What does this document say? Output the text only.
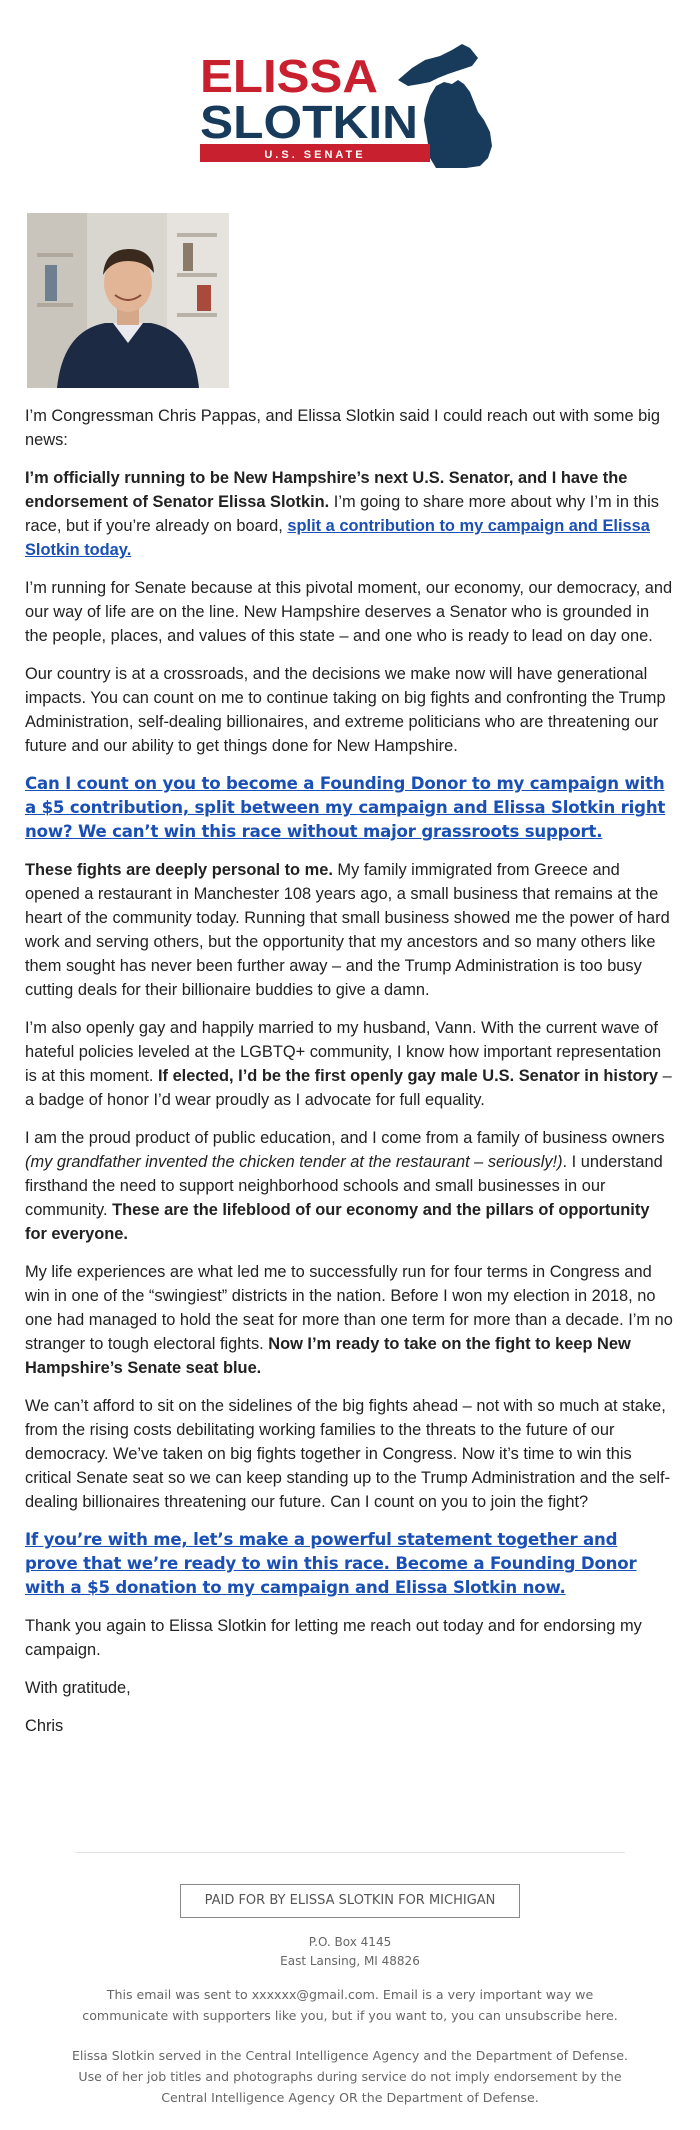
ELISSA
SLOTKIN
U.S. SENATE

I’m Congressman Chris Pappas, and Elissa Slotkin said I could reach out with some big news:

I’m officially running to be New Hampshire’s next U.S. Senator, and I have the endorsement of Senator Elissa Slotkin. I’m going to share more about why I’m in this race, but if you’re already on board, split a contribution to my campaign and Elissa Slotkin today.

I’m running for Senate because at this pivotal moment, our economy, our democracy, and our way of life are on the line. New Hampshire deserves a Senator who is grounded in the people, places, and values of this state – and one who is ready to lead on day one.

Our country is at a crossroads, and the decisions we make now will have generational impacts. You can count on me to continue taking on big fights and confronting the Trump Administration, self-dealing billionaires, and extreme politicians who are threatening our future and our ability to get things done for New Hampshire.

Can I count on you to become a Founding Donor to my campaign with a $5 contribution, split between my campaign and Elissa Slotkin right now? We can’t win this race without major grassroots support.

These fights are deeply personal to me. My family immigrated from Greece and opened a restaurant in Manchester 108 years ago, a small business that remains at the heart of the community today. Running that small business showed me the power of hard work and serving others, but the opportunity that my ancestors and so many others like them sought has never been further away – and the Trump Administration is too busy cutting deals for their billionaire buddies to give a damn.

I’m also openly gay and happily married to my husband, Vann. With the current wave of hateful policies leveled at the LGBTQ+ community, I know how important representation is at this moment. If elected, I’d be the first openly gay male U.S. Senator in history – a badge of honor I’d wear proudly as I advocate for full equality.

I am the proud product of public education, and I come from a family of business owners (my grandfather invented the chicken tender at the restaurant – seriously!). I understand firsthand the need to support neighborhood schools and small businesses in our community. These are the lifeblood of our economy and the pillars of opportunity for everyone.

My life experiences are what led me to successfully run for four terms in Congress and win in one of the “swingiest” districts in the nation. Before I won my election in 2018, no one had managed to hold the seat for more than one term for more than a decade. I’m no stranger to tough electoral fights. Now I’m ready to take on the fight to keep New Hampshire’s Senate seat blue.

We can’t afford to sit on the sidelines of the big fights ahead – not with so much at stake, from the rising costs debilitating working families to the threats to the future of our democracy. We’ve taken on big fights together in Congress. Now it’s time to win this critical Senate seat so we can keep standing up to the Trump Administration and the self-dealing billionaires threatening our future. Can I count on you to join the fight?

If you’re with me, let’s make a powerful statement together and prove that we’re ready to win this race. Become a Founding Donor with a $5 donation to my campaign and Elissa Slotkin now.

Thank you again to Elissa Slotkin for letting me reach out today and for endorsing my campaign.

With gratitude,

Chris

PAID FOR BY ELISSA SLOTKIN FOR MICHIGAN
P.O. Box 4145
East Lansing, MI 48826
This email was sent to xxxxxx@gmail.com. Email is a very important way we communicate with supporters like you, but if you want to, you can unsubscribe here.
Elissa Slotkin served in the Central Intelligence Agency and the Department of Defense. Use of her job titles and photographs during service do not imply endorsement by the Central Intelligence Agency OR the Department of Defense.
